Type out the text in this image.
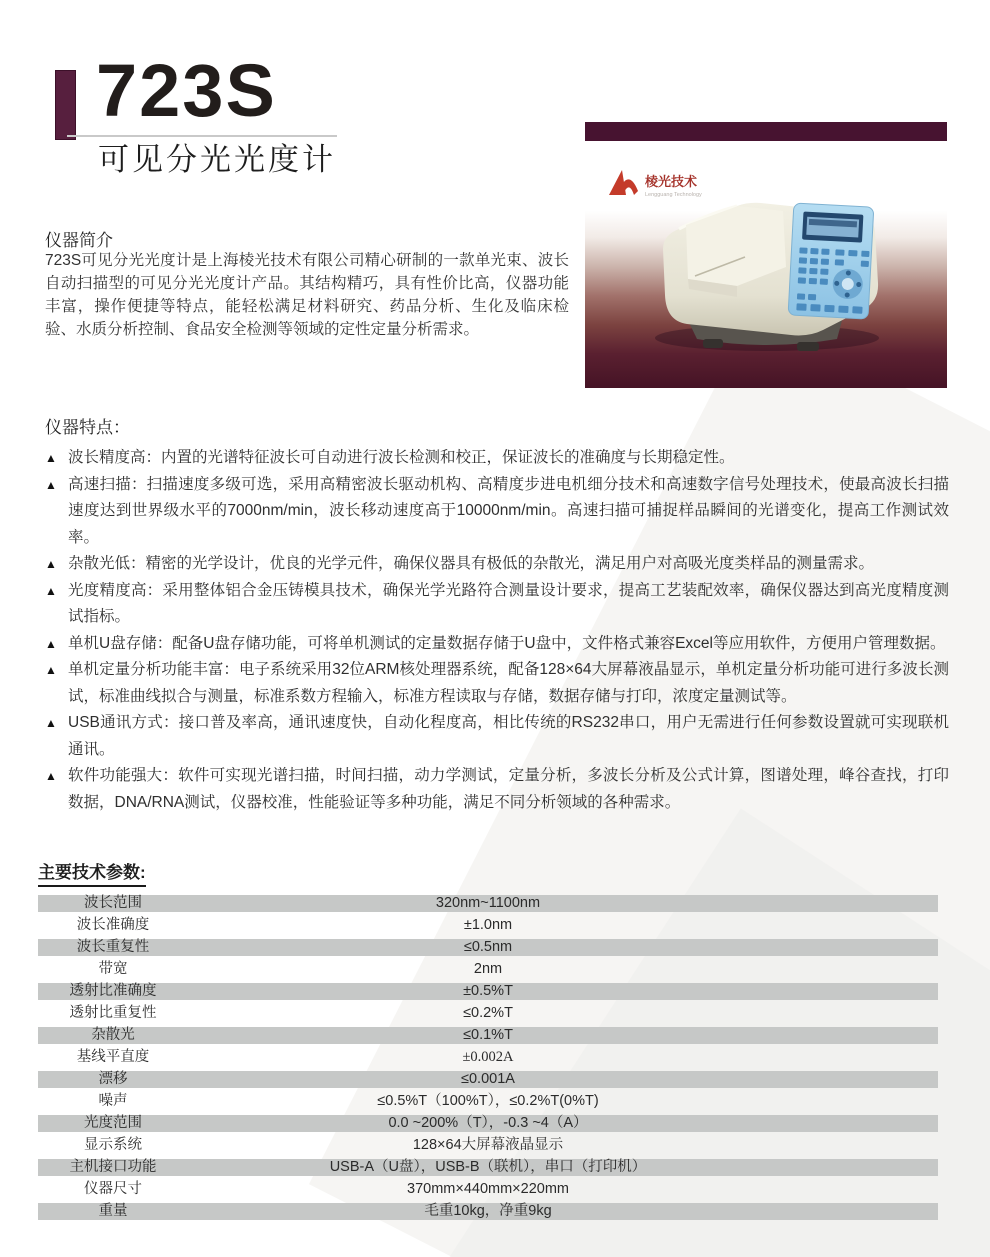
723S
可见分光光度计
棱光技术
Lengguang Technology
仪器简介

723S可见分光光度计是上海棱光技术有限公司精心研制的一款单光束、波长自动扫描型的可见分光光度计产品。其结构精巧，具有性价比高，仪器功能丰富，操作便捷等特点，能轻松满足材料研究、药品分析、生化及临床检验、水质分析控制、食品安全检测等领域的定性定量分析需求。

仪器特点：
▲ 波长精度高：内置的光谱特征波长可自动进行波长检测和校正，保证波长的准确度与长期稳定性。
▲ 高速扫描：扫描速度多级可选，采用高精密波长驱动机构、高精度步进电机细分技术和高速数字信号处理技术，使最高波长扫描速度达到世界级水平的7000nm/min，波长移动速度高于10000nm/min。高速扫描可捕捉样品瞬间的光谱变化，提高工作测试效率。
▲ 杂散光低：精密的光学设计，优良的光学元件，确保仪器具有极低的杂散光，满足用户对高吸光度类样品的测量需求。
▲ 光度精度高：采用整体铝合金压铸模具技术，确保光学光路符合测量设计要求，提高工艺装配效率，确保仪器达到高光度精度测试指标。
▲ 单机U盘存储：配备U盘存储功能，可将单机测试的定量数据存储于U盘中，文件格式兼容Excel等应用软件，方便用户管理数据。
▲ 单机定量分析功能丰富：电子系统采用32位ARM核处理器系统，配备128×64大屏幕液晶显示，单机定量分析功能可进行多波长测试，标准曲线拟合与测量，标准系数方程输入，标准方程读取与存储，数据存储与打印，浓度定量测试等。
▲ USB通讯方式：接口普及率高，通讯速度快，自动化程度高，相比传统的RS232串口，用户无需进行任何参数设置就可实现联机通讯。
▲ 软件功能强大：软件可实现光谱扫描，时间扫描，动力学测试，定量分析，多波长分析及公式计算，图谱处理，峰谷查找，打印数据，DNA/RNA测试，仪器校准，性能验证等多种功能，满足不同分析领域的各种需求。
主要技术参数:
320nm~1100nm
波长范围
±1.0nm
波长准确度
≤0.5nm
波长重复性
2nm
带宽
±0.5%T
透射比准确度
≤0.2%T
透射比重复性
≤0.1%T
杂散光
±0.002A
基线平直度
≤0.001A
漂移
≤0.5%T（100%T），≤0.2%T(0%T)
噪声
0.0 ~200%（T），-0.3 ~4（A）
光度范围
128×64大屏幕液晶显示
显示系统
USB-A（U盘），USB-B（联机），串口（打印机）
主机接口功能
370mm×440mm×220mm
仪器尺寸
毛重10kg，净重9kg
重量
